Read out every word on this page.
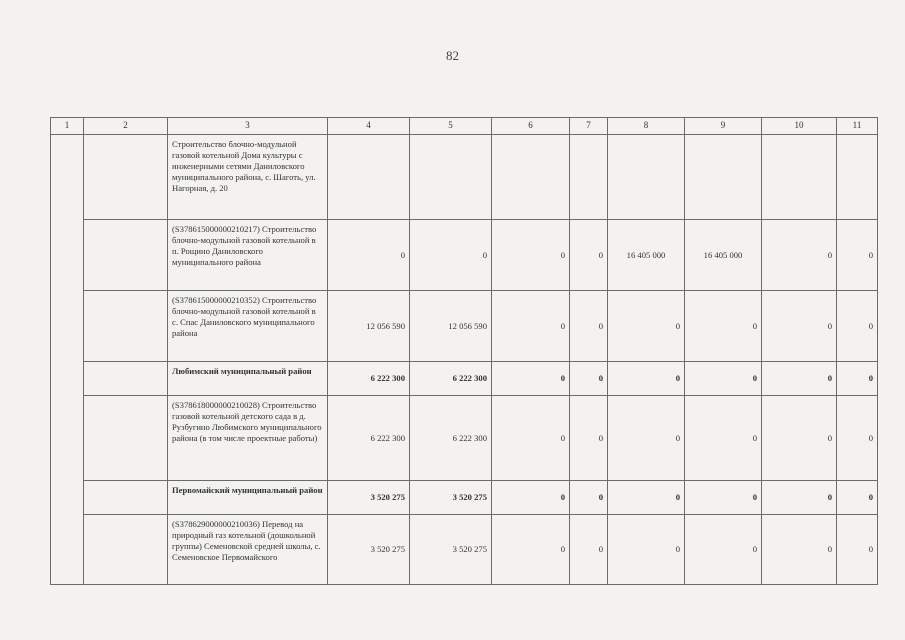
82
1	2	3	4	5	6	7	8	9	10	11
		Строительство блочно-модульной газовой котельной Дома культуры с инженерными сетями Даниловского муниципального района, с. Шаготь, ул. Нагорная, д. 20								
		(S378615000000210217) Строительство блочно-модульной газовой котельной в п. Рощино Даниловского муниципального района	0	0	0	0	16 405 000	16 405 000	0	0
		(S378615000000210352) Строительство блочно-модульной газовой котельной в с. Спас Даниловского муниципального района	12 056 590	12 056 590	0	0	0	0	0	0
		Любимский муниципальный район	6 222 300	6 222 300	0	0	0	0	0	0
		(S378618000000210028) Строительство газовой котельной детского сада в д. Рузбугино Любимского муниципального района (в том числе проектные работы)	6 222 300	6 222 300	0	0	0	0	0	0
		Первомайский муниципальный район	3 520 275	3 520 275	0	0	0	0	0	0
		(S378629000000210036) Перевод на природный газ котельной (дошкольной группы) Семеновской средней школы, с. Семеновское Первомайского	3 520 275	3 520 275	0	0	0	0	0	0
